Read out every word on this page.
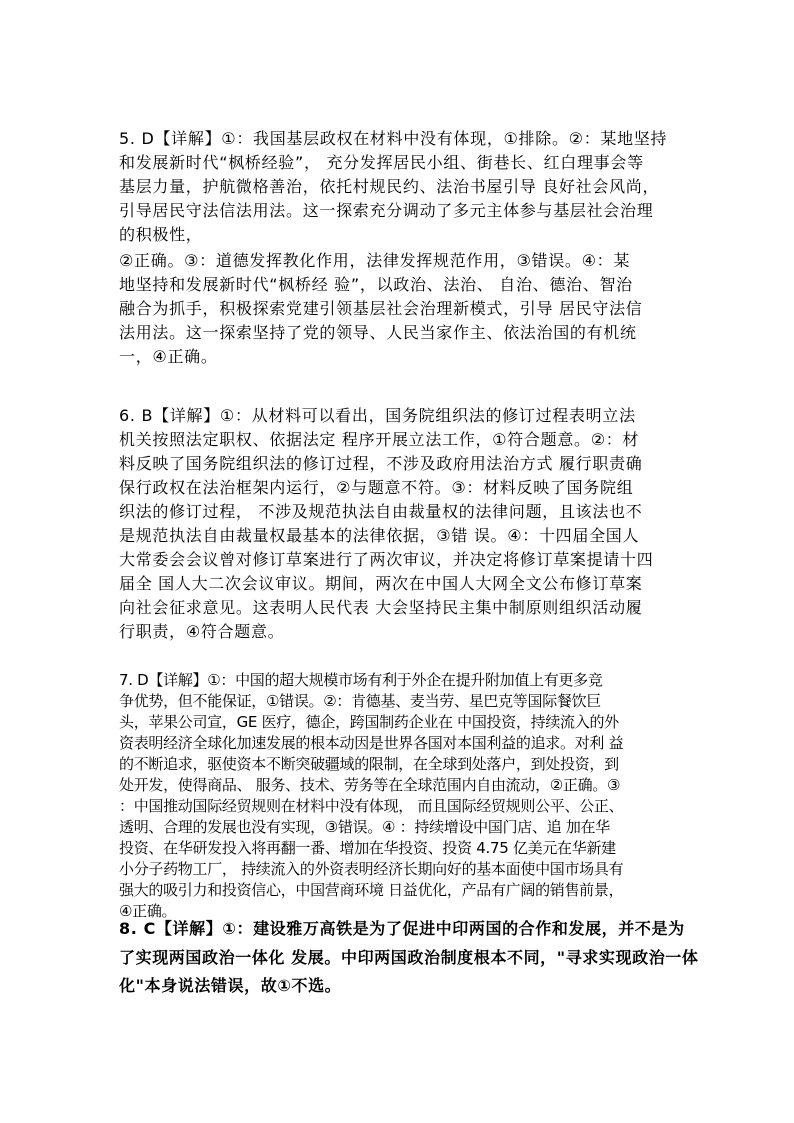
5. D【详解】①：我国基层政权在材料中没有体现，①排除。②：某地坚持
和发展新时代“枫桥经验”， 充分发挥居民小组、街巷长、红白理事会等
基层力量，护航微格善治，依托村规民约、法治书屋引导 良好社会风尚，
引导居民守法信法用法。这一探索充分调动了多元主体参与基层社会治理
的积极性，
②正确。③：道德发挥教化作用，法律发挥规范作用，③错误。④：某
地坚持和发展新时代“枫桥经 验”，以政治、法治、 自治、德治、智治
融合为抓手，积极探索党建引领基层社会治理新模式，引导 居民守法信
法用法。这一探索坚持了党的领导、人民当家作主、依法治国的有机统
一，④正确。
6. B【详解】①：从材料可以看出，国务院组织法的修订过程表明立法
机关按照法定职权、依据法定 程序开展立法工作，①符合题意。②：材
料反映了国务院组织法的修订过程，不涉及政府用法治方式 履行职责确
保行政权在法治框架内运行，②与题意不符。③：材料反映了国务院组
织法的修订过程， 不涉及规范执法自由裁量权的法律问题，且该法也不
是规范执法自由裁量权最基本的法律依据，③错 误。④：十四届全国人
大常委会会议曾对修订草案进行了两次审议，并决定将修订草案提请十四
届全 国人大二次会议审议。期间，两次在中国人大网全文公布修订草案
向社会征求意见。这表明人民代表 大会坚持民主集中制原则组织活动履
行职责，④符合题意。
7. D【详解】①：中国的超大规模市场有利于外企在提升附加值上有更多竞
争优势，但不能保证，①错误。②：肯德基、麦当劳、星巴克等国际餐饮巨
头，苹果公司宣，GE 医疗，德企，跨国制药企业在 中国投资，持续流入的外
资表明经济全球化加速发展的根本动因是世界各国对本国利益的追求。对利 益
的不断追求，驱使资本不断突破疆域的限制，在全球到处落户，到处投资，到
处开发，使得商品、 服务、技术、劳务等在全球范围内自由流动，②正确。③
：中国推动国际经贸规则在材料中没有体现， 而且国际经贸规则公平、公正、
透明、合理的发展也没有实现，③错误。④ ：持续增设中国门店、追 加在华
投资、在华研发投入将再翻一番、增加在华投资、投资 4.75 亿美元在华新建
小分子药物工厂， 持续流入的外资表明经济长期向好的基本面使中国市场具有
强大的吸引力和投资信心，中国营商环境 日益优化，产品有广阔的销售前景，
④正确。
8. C【详解】①：建设雅万高铁是为了促进中印两国的合作和发展，并不是为
了实现两国政治一体化 发展。中印两国政治制度根本不同，"寻求实现政治一体
化"本身说法错误，故①不选。
